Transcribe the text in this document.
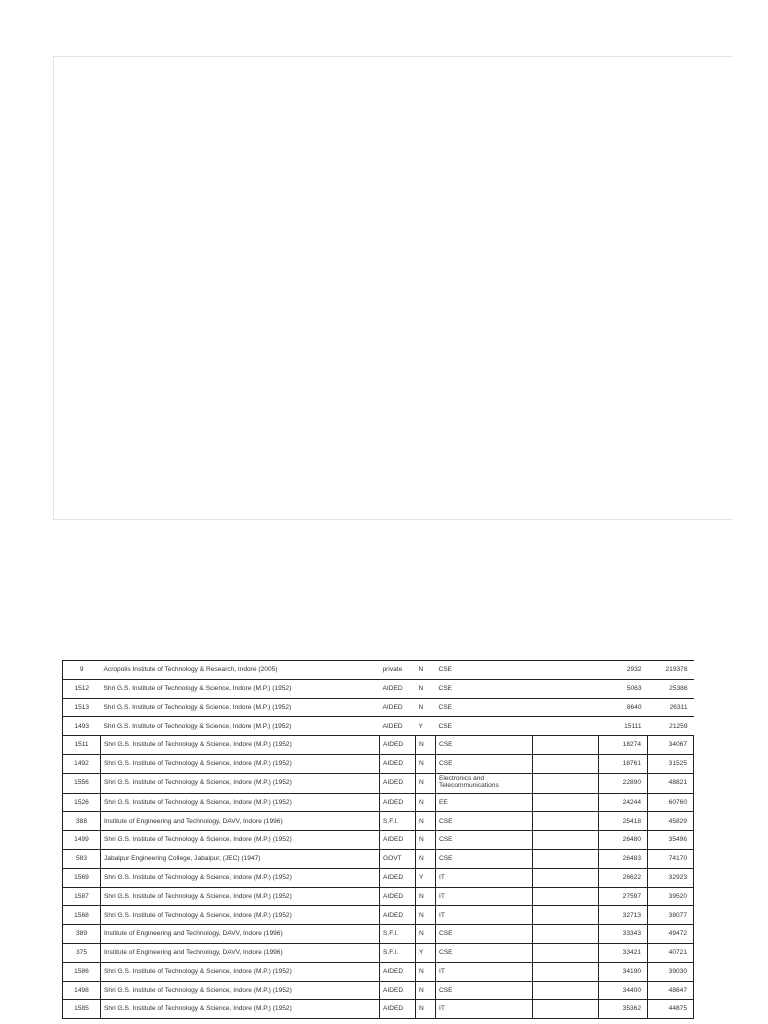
9	Acropolis Institute of Technology & Research, Indore (2005)	private	N	CSE		2932	219378
1512	Shri G.S. Institute of Technology & Science, Indore (M.P.) (1952)	AIDED	N	CSE		5063	25386
1513	Shri G.S. Institute of Technology & Science, Indore (M.P.) (1952)	AIDED	N	CSE		8640	26311
1493	Shri G.S. Institute of Technology & Science, Indore (M.P.) (1952)	AIDED	Y	CSE		15111	21259
1511	Shri G.S. Institute of Technology & Science, Indore (M.P.) (1952)	AIDED	N	CSE		18274	34067
1492	Shri G.S. Institute of Technology & Science, Indore (M.P.) (1952)	AIDED	N	CSE		18761	31525
1556	Shri G.S. Institute of Technology & Science, Indore (M.P.) (1952)	AIDED	N	Electronics and Telecommunications		22890	48821
1526	Shri G.S. Institute of Technology & Science, Indore (M.P.) (1952)	AIDED	N	EE		24244	60760
388	Institute of Engineering and Technology, DAVV, Indore (1996)	S.F.I.	N	CSE		25418	45829
1499	Shri G.S. Institute of Technology & Science, Indore (M.P.) (1952)	AIDED	N	CSE		26480	35496
583	Jabalpur Engineering College, Jabalpur, (JEC) (1947)	GOVT	N	CSE		26483	74170
1569	Shri G.S. Institute of Technology & Science, Indore (M.P.) (1952)	AIDED	Y	IT		26622	32923
1587	Shri G.S. Institute of Technology & Science, Indore (M.P.) (1952)	AIDED	N	IT		27597	39520
1568	Shri G.S. Institute of Technology & Science, Indore (M.P.) (1952)	AIDED	N	IT		32713	38077
389	Institute of Engineering and Technology, DAVV, Indore (1996)	S.F.I.	N	CSE		33343	49472
375	Institute of Engineering and Technology, DAVV, Indore (1996)	S.F.I.	Y	CSE		33421	40721
1586	Shri G.S. Institute of Technology & Science, Indore (M.P.) (1952)	AIDED	N	IT		34190	39030
1498	Shri G.S. Institute of Technology & Science, Indore (M.P.) (1952)	AIDED	N	CSE		34400	48647
1585	Shri G.S. Institute of Technology & Science, Indore (M.P.) (1952)	AIDED	N	IT		35362	44875
